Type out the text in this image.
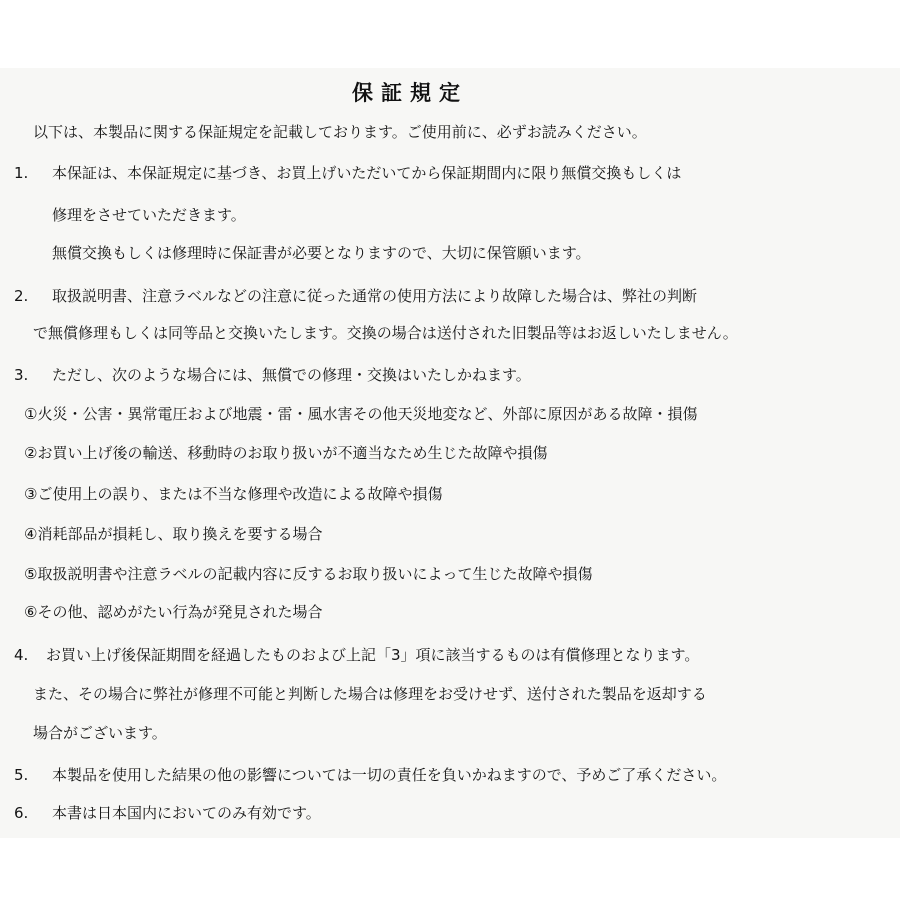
保証規定
以下は、本製品に関する保証規定を記載しております。ご使用前に、必ずお読みください。
1. 本保証は、本保証規定に基づき、お買上げいただいてから保証期間内に限り無償交換もしくは
修理をさせていただきます。
無償交換もしくは修理時に保証書が必要となりますので、大切に保管願います。
2. 取扱説明書、注意ラベルなどの注意に従った通常の使用方法により故障した場合は、弊社の判断
で無償修理もしくは同等品と交換いたします。交換の場合は送付された旧製品等はお返しいたしません。
3. ただし、次のような場合には、無償での修理・交換はいたしかねます。
①火災・公害・異常電圧および地震・雷・風水害その他天災地変など、外部に原因がある故障・損傷
②お買い上げ後の輸送、移動時のお取り扱いが不適当なため生じた故障や損傷
③ご使用上の誤り、または不当な修理や改造による故障や損傷
④消耗部品が損耗し、取り換えを要する場合
⑤取扱説明書や注意ラベルの記載内容に反するお取り扱いによって生じた故障や損傷
⑥その他、認めがたい行為が発見された場合
4. お買い上げ後保証期間を経過したものおよび上記「3」項に該当するものは有償修理となります。
また、その場合に弊社が修理不可能と判断した場合は修理をお受けせず、送付された製品を返却する
場合がございます。
5. 本製品を使用した結果の他の影響については一切の責任を負いかねますので、予めご了承ください。
6. 本書は日本国内においてのみ有効です。
